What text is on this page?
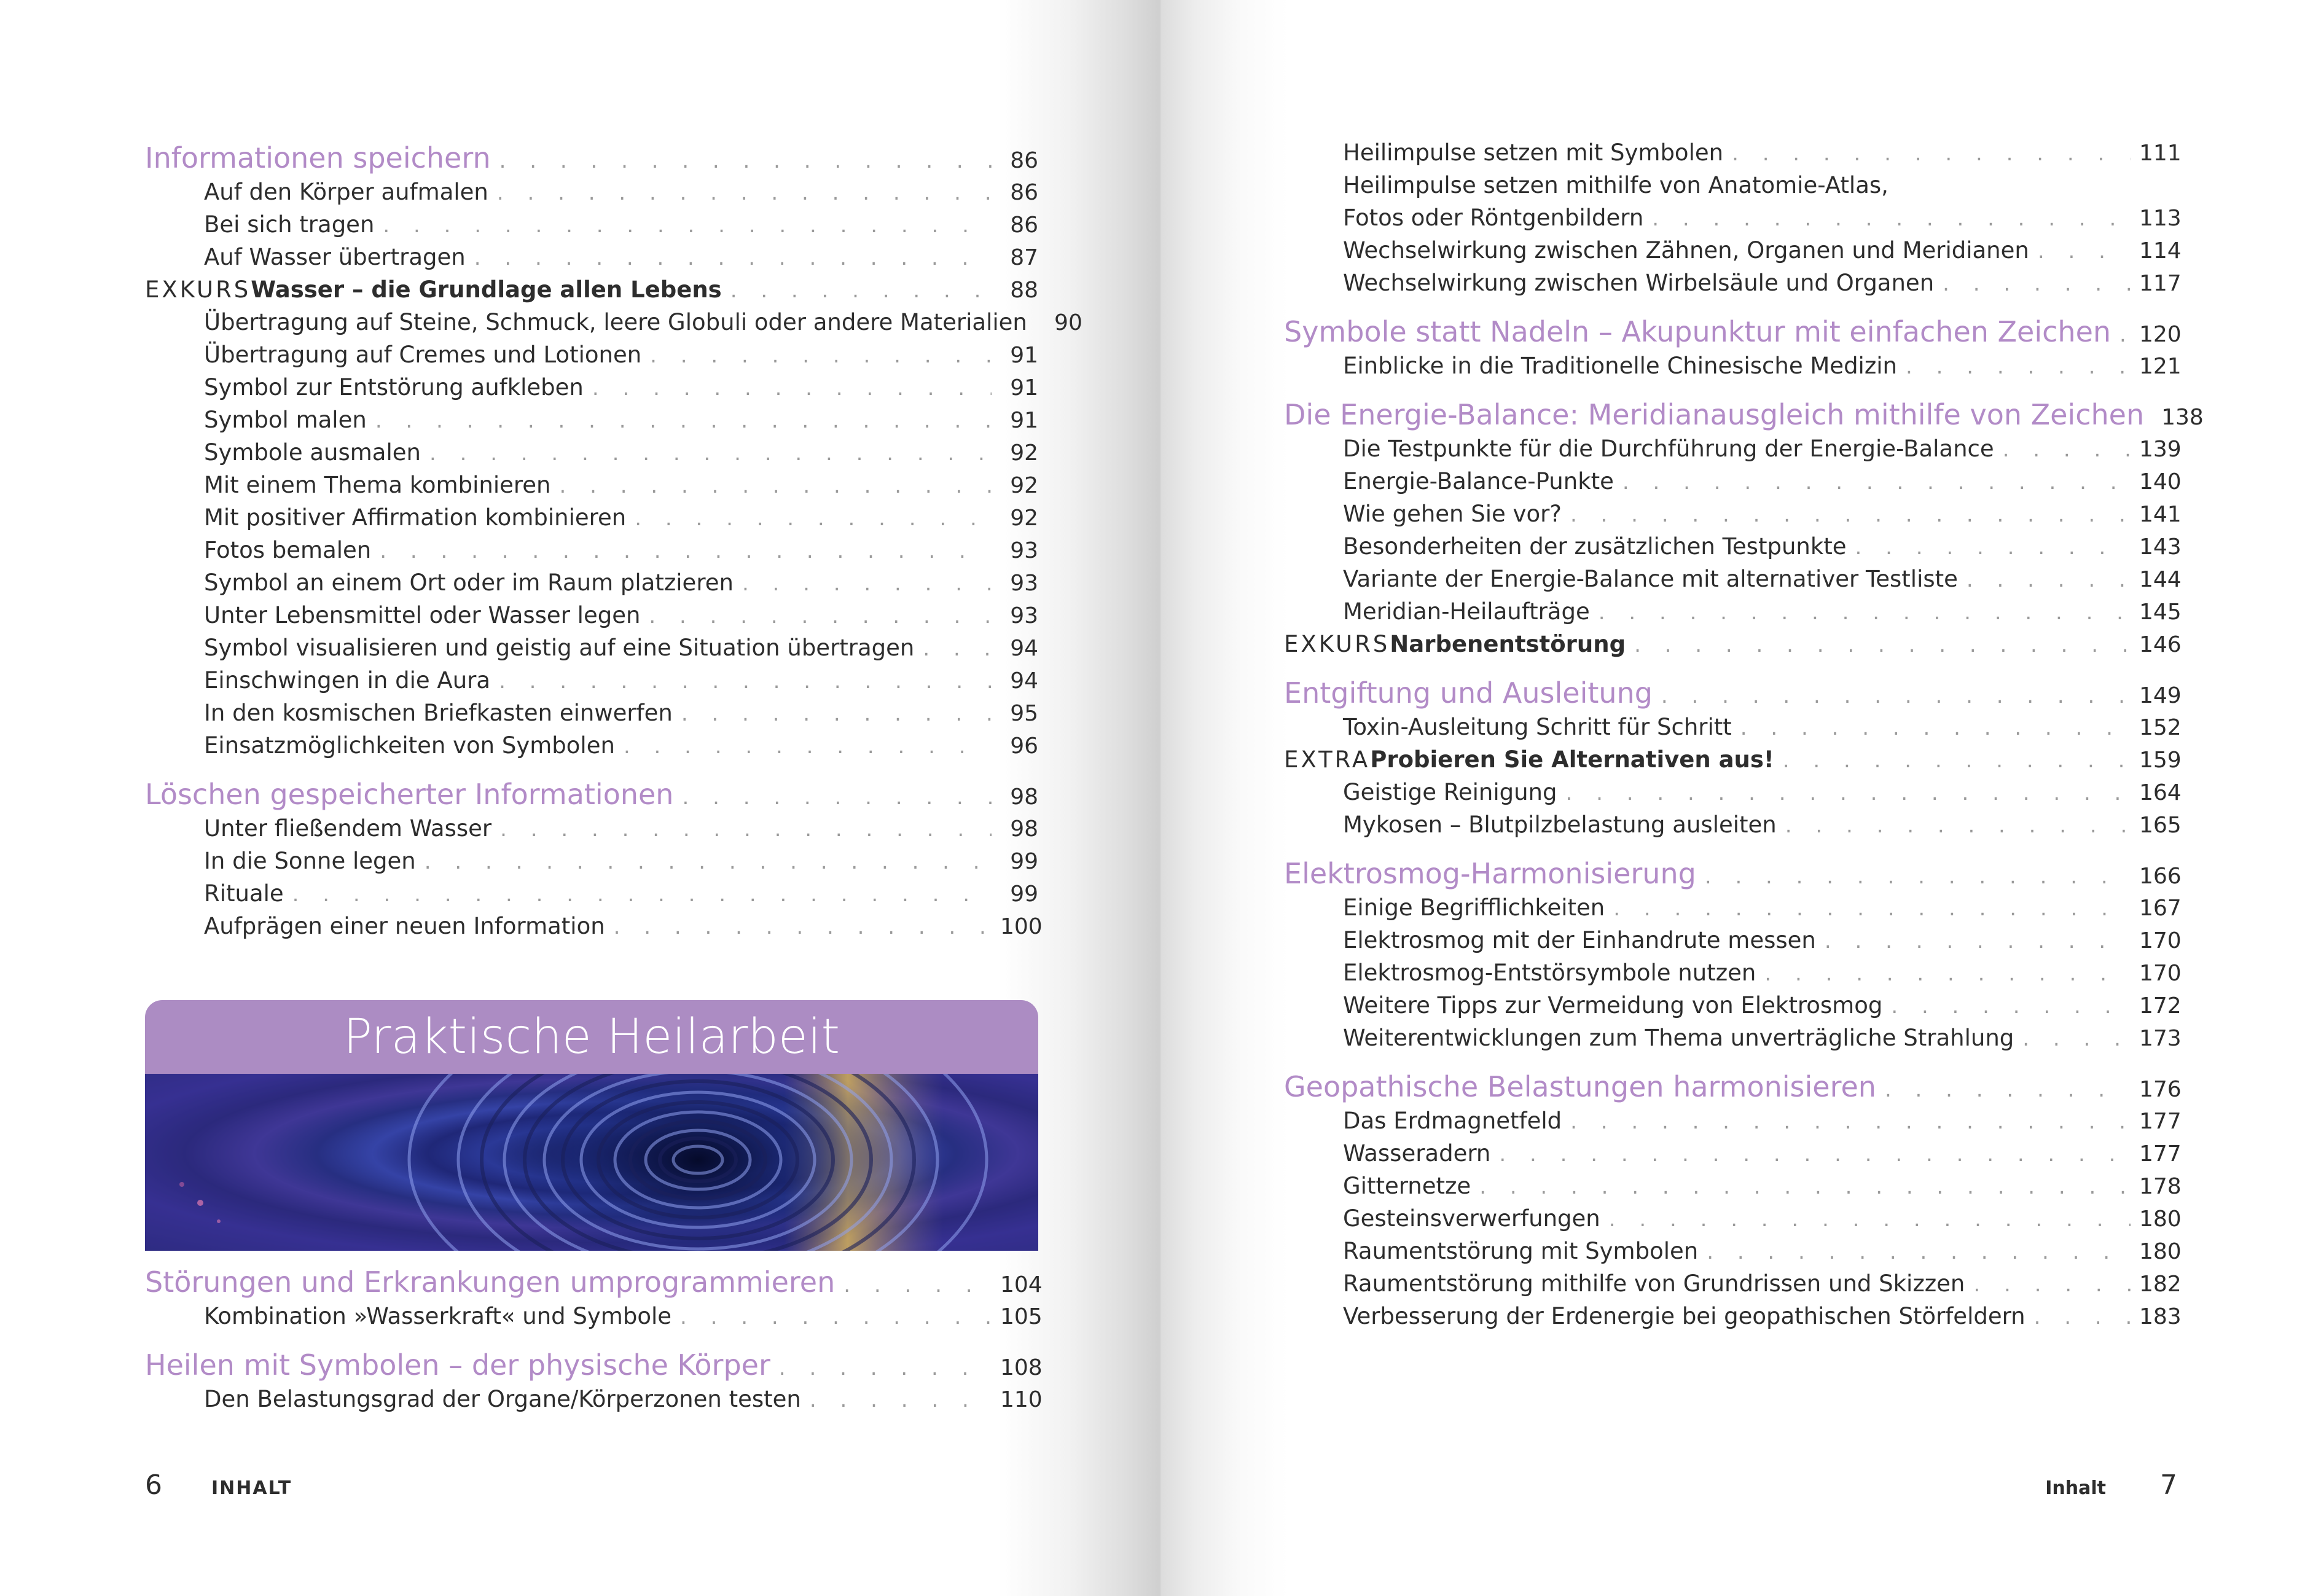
Informationen speichern . . .	86
Auf den Körper aufmalen . . .	86
Bei sich tragen . . .	86
Auf Wasser übertragen . . .	87
EXKURS Wasser – die Grundlage allen Lebens . . .	88
Übertragung auf Steine, Schmuck, leere Globuli oder andere Materialien	90
Übertragung auf Cremes und Lotionen . . .	91
Symbol zur Entstörung aufkleben . . .	91
Symbol malen . . .	91
Symbole ausmalen . . .	92
Mit einem Thema kombinieren . . .	92
Mit positiver Affirmation kombinieren . . .	92
Fotos bemalen . . .	93
Symbol an einem Ort oder im Raum platzieren . . .	93
Unter Lebensmittel oder Wasser legen . . .	93
Symbol visualisieren und geistig auf eine Situation übertragen . . .	94
Einschwingen in die Aura . . .	94
In den kosmischen Briefkasten einwerfen . . .	95
Einsatzmöglichkeiten von Symbolen . . .	96
Löschen gespeicherter Informationen . . .	98
Unter fließendem Wasser . . .	98
In die Sonne legen . . .	99
Rituale . . .	99
Aufprägen einer neuen Information . . .	100
Praktische Heilarbeit
Störungen und Erkrankungen umprogrammieren . . .	104
Kombination »Wasserkraft« und Symbole . . .	105
Heilen mit Symbolen – der physische Körper . . .	108
Den Belastungsgrad der Organe/Körperzonen testen . . .	110
6	INHALT
Heilimpulse setzen mit Symbolen . . .	111
Heilimpulse setzen mithilfe von Anatomie-Atlas,
Fotos oder Röntgenbildern . . .	113
Wechselwirkung zwischen Zähnen, Organen und Meridianen . . .	114
Wechselwirkung zwischen Wirbelsäule und Organen . . .	117
Symbole statt Nadeln – Akupunktur mit einfachen Zeichen . . . 120
Einblicke in die Traditionelle Chinesische Medizin . . .	121
Die Energie-Balance: Meridianausgleich mithilfe von Zeichen 138
Die Testpunkte für die Durchführung der Energie-Balance . . .	139
Energie-Balance-Punkte . . .	140
Wie gehen Sie vor? . . .	141
Besonderheiten der zusätzlichen Testpunkte . . .	143
Variante der Energie-Balance mit alternativer Testliste . . .	144
Meridian-Heilaufträge . . .	145
EXKURS Narbenentstörung . . .	146
Entgiftung und Ausleitung . . .	149
Toxin-Ausleitung Schritt für Schritt . . .	152
EXTRA Probieren Sie Alternativen aus! . . .	159
Geistige Reinigung . . .	164
Mykosen – Blutpilzbelastung ausleiten . . .	165
Elektrosmog-Harmonisierung . . .	166
Einige Begrifflichkeiten . . .	167
Elektrosmog mit der Einhandrute messen . . .	170
Elektrosmog-Entstörsymbole nutzen . . .	170
Weitere Tipps zur Vermeidung von Elektrosmog . . .	172
Weiterentwicklungen zum Thema unverträgliche Strahlung . . .	173
Geopathische Belastungen harmonisieren . . .	176
Das Erdmagnetfeld . . .	177
Wasseradern . . .	177
Gitternetze . . .	178
Gesteinsverwerfungen . . .	180
Raumentstörung mit Symbolen . . .	180
Raumentstörung mithilfe von Grundrissen und Skizzen . . .	182
Verbesserung der Erdenergie bei geopathischen Störfeldern . . .	183
Inhalt 7
